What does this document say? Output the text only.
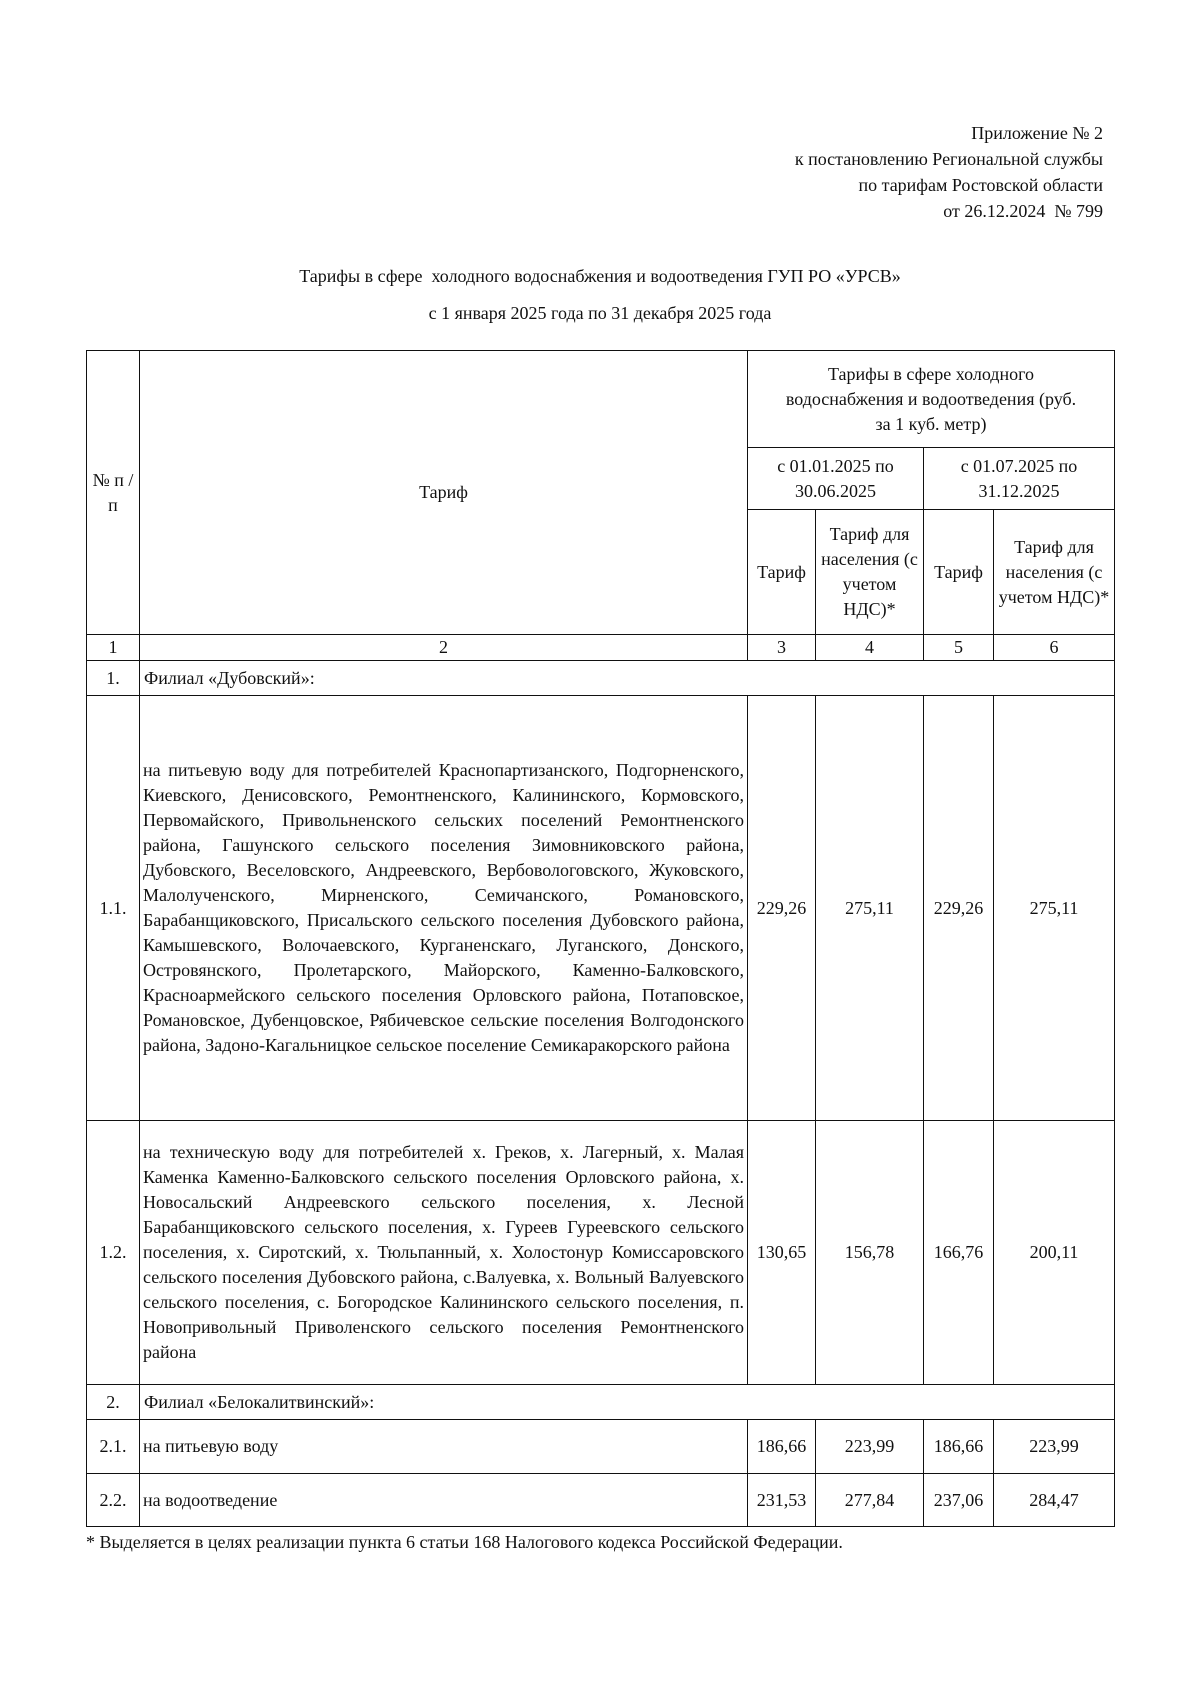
Приложение № 2
к постановлению Региональной службы
по тарифам Ростовской области
от 26.12.2024  № 799
Тарифы в сфере  холодного водоснабжения и водоотведения ГУП РО «УРСВ»
с 1 января 2025 года по 31 декабря 2025 года
№ п /п	Тариф	Тарифы в сфере холодного водоснабжения и водоотведения (руб. за 1 куб. метр)			
		с 01.01.2025 по 30.06.2025		с 01.07.2025 по 31.12.2025	
		Тариф	Тариф для населения (с учетом НДС)*	Тариф	Тариф для населения (с учетом НДС)*
1	2	3	4	5	6
1.	Филиал «Дубовский»:				
1.1.	на питьевую воду для потребителей Краснопартизанского, Подгорненского, Киевского, Денисовского, Ремонтненского, Калининского, Кормовского, Первомайского, Привольненского сельских поселений Ремонтненского района, Гашунского сельского поселения Зимовниковского района, Дубовского, Веселовского, Андреевского, Вербовологовского, Жуковского, Малолученского, Мирненского, Семичанского, Романовского, Барабанщиковского, Присальского сельского поселения Дубовского района, Камышевского, Волочаевского, Курганенскаго, Луганского, Донского, Островянского, Пролетарского, Майорского, Каменно-Балковского, Красноармейского сельского поселения Орловского района, Потаповское, Романовское, Дубенцовское, Рябичевское сельские поселения Волгодонского района, Задоно-Кагальницкое сельское поселение Семикаракорского района	229,26	275,11	229,26	275,11
1.2.	на техническую воду для потребителей х. Греков, х. Лагерный, х. Малая Каменка Каменно-Балковского сельского поселения Орловского района, х. Новосальский Андреевского сельского поселения, х. Лесной Барабанщиковского сельского поселения, х. Гуреев Гуреевского сельского поселения, х. Сиротский, х. Тюльпанный, х. Холостонур Комиссаровского сельского поселения Дубовского района, с.Валуевка, х. Вольный Валуевского сельского поселения, с. Богородское Калининского сельского поселения, п. Новопривольный Приволенского сельского поселения Ремонтненского района	130,65	156,78	166,76	200,11
2.	Филиал «Белокалитвинский»:				
2.1.	на питьевую воду	186,66	223,99	186,66	223,99
2.2.	на водоотведение	231,53	277,84	237,06	284,47
* Выделяется в целях реализации пункта 6 статьи 168 Налогового кодекса Российской Федерации.
